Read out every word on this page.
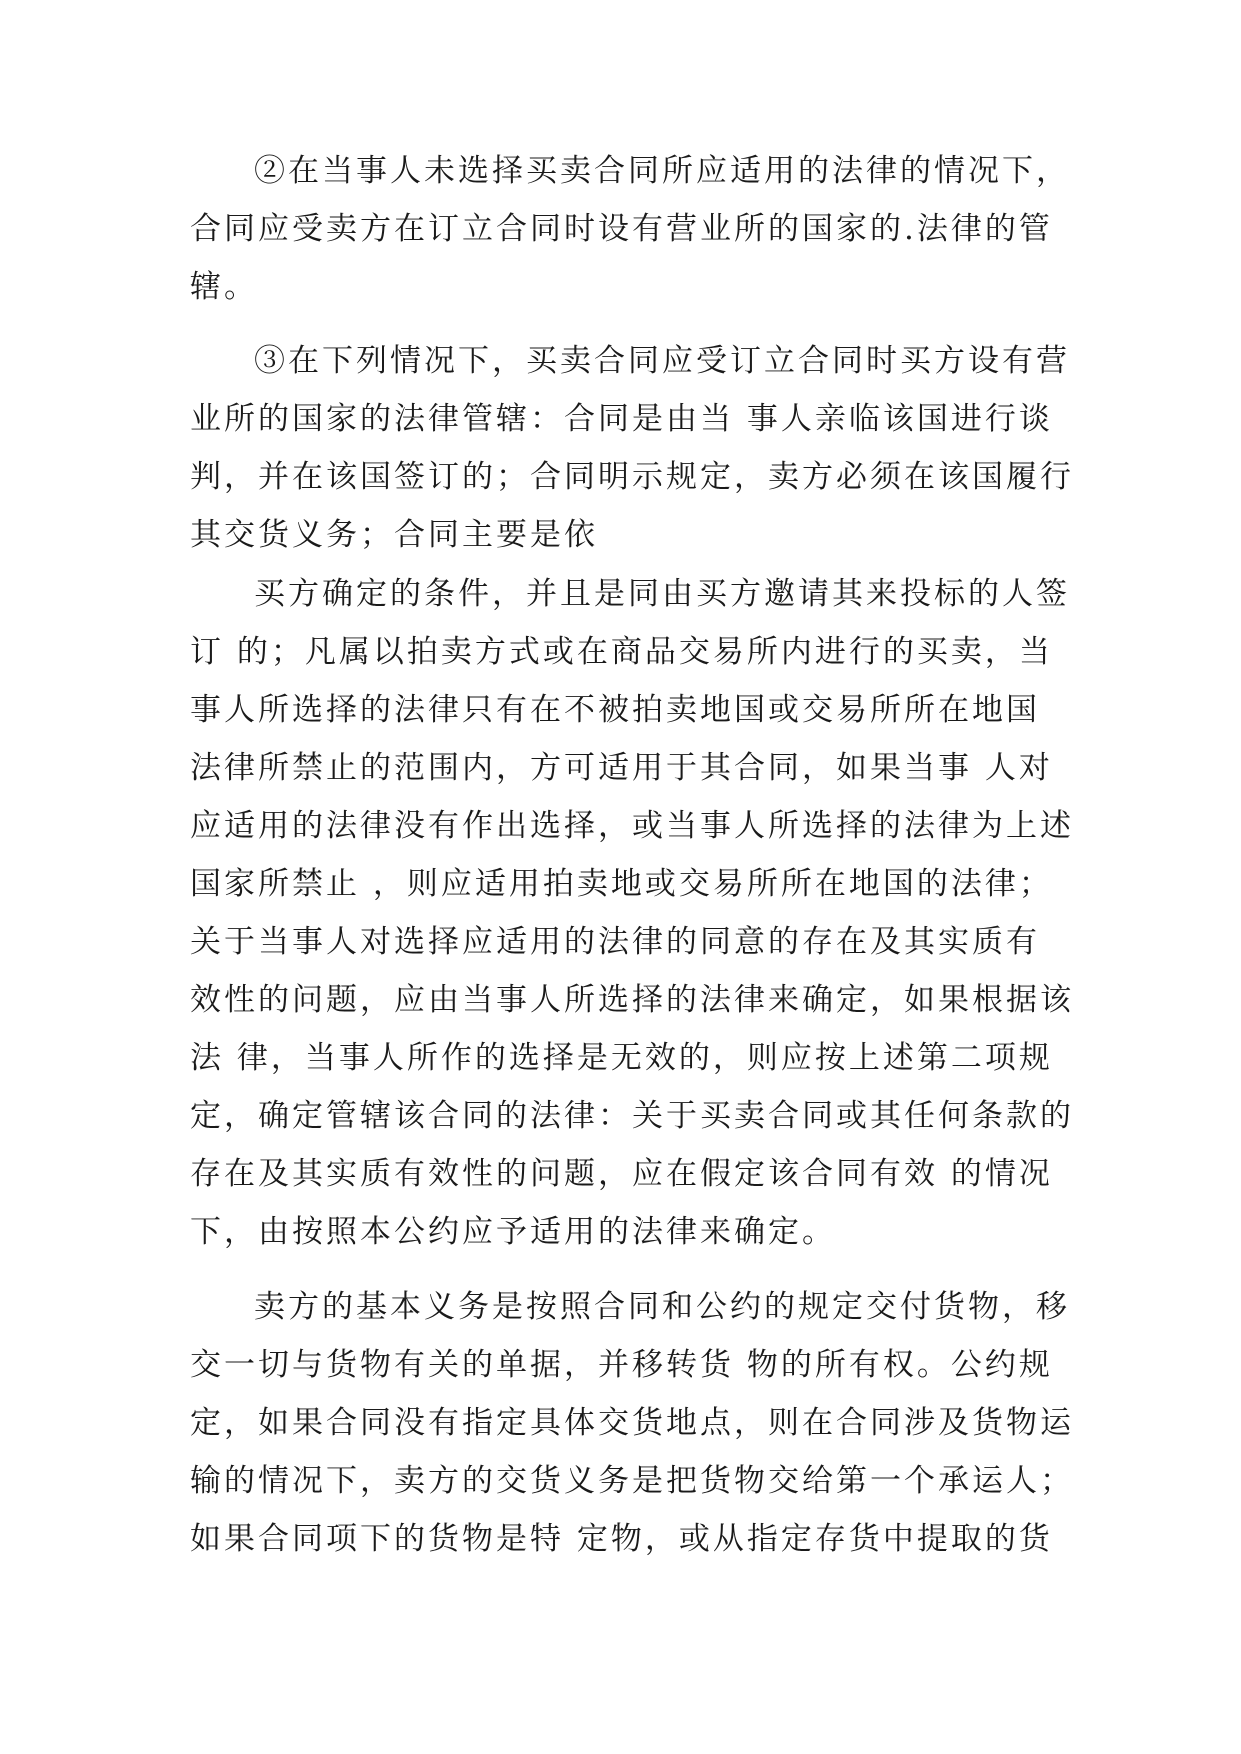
②在当事人未选择买卖合同所应适用的法律的情况下，
合同应受卖方在订立合同时设有营业所的国家的.法律的管
辖。
③在下列情况下，买卖合同应受订立合同时买方设有营
业所的国家的法律管辖：合同是由当 事人亲临该国进行谈
判，并在该国签订的；合同明示规定，卖方必须在该国履行
其交货义务；合同主要是依
买方确定的条件，并且是同由买方邀请其来投标的人签
订 的；凡属以拍卖方式或在商品交易所内进行的买卖，当
事人所选择的法律只有在不被拍卖地国或交易所所在地国
法律所禁止的范围内，方可适用于其合同，如果当事 人对
应适用的法律没有作出选择，或当事人所选择的法律为上述
国家所禁止 ，则应适用拍卖地或交易所所在地国的法律；
关于当事人对选择应适用的法律的同意的存在及其实质有
效性的问题，应由当事人所选择的法律来确定，如果根据该
法 律，当事人所作的选择是无效的，则应按上述第二项规
定，确定管辖该合同的法律：关于买卖合同或其任何条款的
存在及其实质有效性的问题，应在假定该合同有效 的情况
下，由按照本公约应予适用的法律来确定。
卖方的基本义务是按照合同和公约的规定交付货物，移
交一切与货物有关的单据，并移转货 物的所有权。公约规
定，如果合同没有指定具体交货地点，则在合同涉及货物运
输的情况下，卖方的交货义务是把货物交给第一个承运人；
如果合同项下的货物是特 定物，或从指定存货中提取的货
